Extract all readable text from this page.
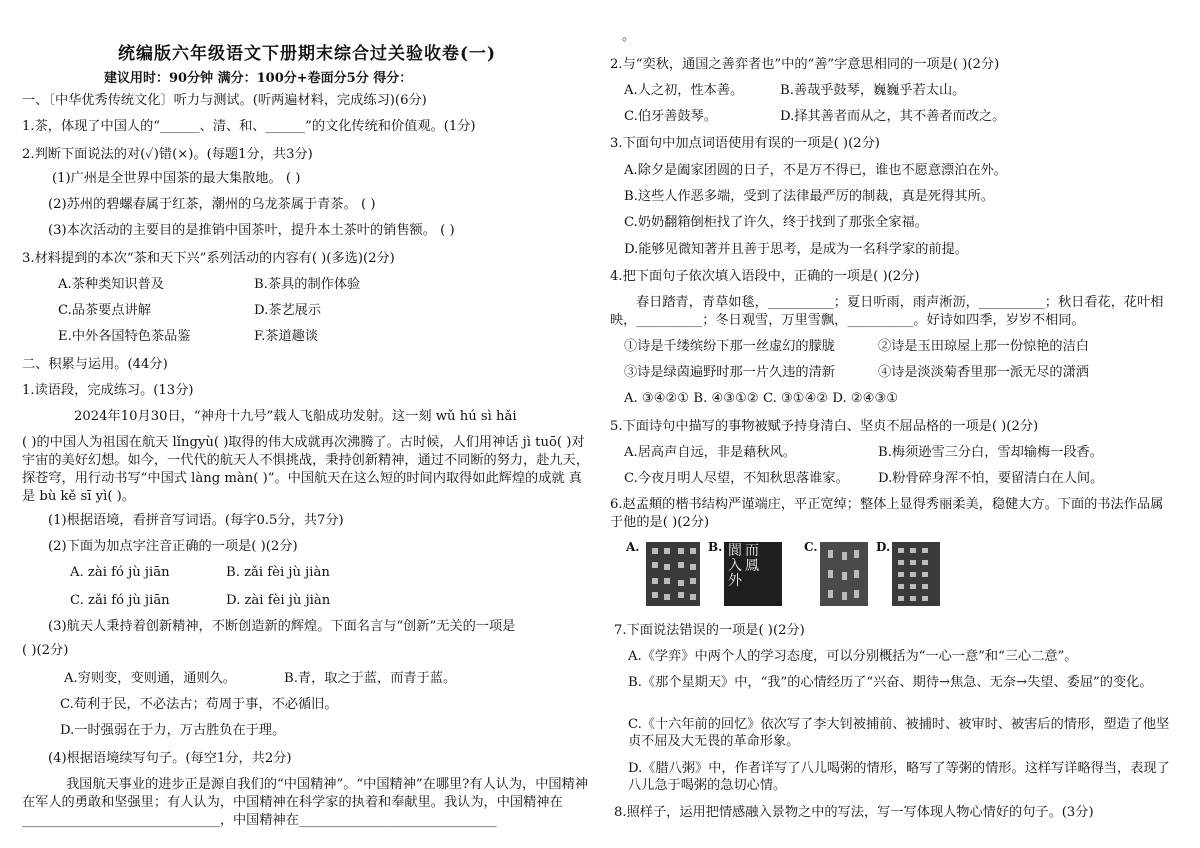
统编版六年级语文下册期末综合过关验收卷(一)
建议用时：90分钟 满分：100分+卷面分5分 得分：
一、〔中华优秀传统文化〕听力与测试。(听两遍材料，完成练习)(6分)
1.茶，体现了中国人的“______、清、和、______”的文化传统和价值观。(1分)
2.判断下面说法的对(✓)错(×)。(每题1分，共3分)
(1)广州是全世界中国茶的最大集散地。 ( )
(2)苏州的碧螺春属于红茶，潮州的乌龙茶属于青茶。 ( )
(3)本次活动的主要目的是推销中国茶叶，提升本土茶叶的销售额。 ( )
3.材料提到的本次“茶和天下兴”系列活动的内容有( )(多选)(2分)
A.茶种类知识普及	B.茶具的制作体验
C.品茶要点讲解	D.茶艺展示
E.中外各国特色茶品鉴	F.茶道趣谈
二、积累与运用。(44分)
1.读语段，完成练习。(13分)
2024年10月30日，“神舟十九号”载人飞船成功发射。这一刻 wǔ hú sì hǎi
( )的中国人为祖国在航天 lǐngyù( )取得的伟大成就再次沸腾了。古时候，人们用神话 jì tuō( )对宇宙的美好幻想。如今，一代代的航天人不惧挑战，秉持创新精神，通过不同断的努力，赴九天，探苍穹，用行动书写“中国式 làng màn( )”。中国航天在这么短的时间内取得如此辉煌的成就 真是 bù kě sī yì( )。
(1)根据语境，看拼音写词语。(每字0.5分，共7分)
(2)下面为加点字注音正确的一项是( )(2分)
A. zài fó jù jiān	B. zǎi fèi jù jiàn
C. zǎi fó jù jiān	D. zài fèi jù jiàn
(3)航天人秉持着创新精神，不断创造新的辉煌。下面名言与“创新”无关的一项是
( )(2分)
A.穷则变，变则通，通则久。	B.青，取之于蓝，而青于蓝。
C.苟利于民，不必法古；苟周于事，不必循旧。
D.一时强弱在于力，万古胜负在于理。
(4)根据语境续写句子。(每空1分，共2分)
我国航天事业的进步正是源自我们的“中国精神”。“中国精神”在哪里?有人认为，中国精神在军人的勇敢和坚强里；有人认为，中国精神在科学家的执着和奉献里。我认为，中国精神在______________________________，中国精神在______________________________
。
2.与“奕秋，通国之善弈者也”中的“善”字意思相同的一项是( )(2分)
A.人之初，性本善。	B.善哉乎鼓琴，巍巍乎若太山。
C.伯牙善鼓琴。	D.择其善者而从之，其不善者而改之。
3.下面句中加点词语使用有误的一项是( )(2分)
A.除夕是阖家团圆的日子，不是万不得已，谁也不愿意漂泊在外。
B.这些人作恶多端，受到了法律最严厉的制裁，真是死得其所。
C.奶奶翻箱倒柜找了许久，终于找到了那张全家福。
D.能够见微知著并且善于思考，是成为一名科学家的前提。
4.把下面句子依次填入语段中，正确的一项是( )(2分)
春日踏青，青草如毯，__________；夏日听雨，雨声淅沥，__________；秋日看花，花叶相映，__________；冬日观雪，万里雪飘，__________。好诗如四季，岁岁不相同。
①诗是千缕缤纷下那一丝虚幻的朦胧	②诗是玉田琼屋上那一份惊艳的洁白
③诗是绿茵遍野时那一片久违的清新	④诗是淡淡菊香里那一派无尽的潇洒
A. ③④②① B. ④③①② C. ③①④② D. ②④③①
5.下面诗句中描写的事物被赋予持身清白、坚贞不屈品格的一项是( )(2分)
A.居高声自远，非是藉秋风。	B.梅须逊雪三分白，雪却输梅一段香。
C.今夜月明人尽望，不知秋思落谁家。 D.粉骨碎身浑不怕，要留清白在人间。
6.赵孟頫的楷书结构严谨端庄，平正宽绰；整体上显得秀丽柔美，稳健大方。下面的书法作品属于他的是( )(2分)
A.	B. 閬而入鳳外
C.	D.
7.下面说法错误的一项是( )(2分)
A.《学弈》中两个人的学习态度，可以分别概括为“一心一意”和“三心二意”。
B.《那个星期天》中，“我”的心情经历了“兴奋、期待→焦急、无奈→失望、委屈”的变化。
C.《十六年前的回忆》依次写了李大钊被捕前、被捕时、被审时、被害后的情形，塑造了他坚贞不屈及大无畏的革命形象。
D.《腊八粥》中，作者详写了八儿喝粥的情形，略写了等粥的情形。这样写详略得当，表现了八儿急于喝粥的急切心情。
8.照样子，运用把情感融入景物之中的写法，写一写体现人物心情好的句子。(3分)
